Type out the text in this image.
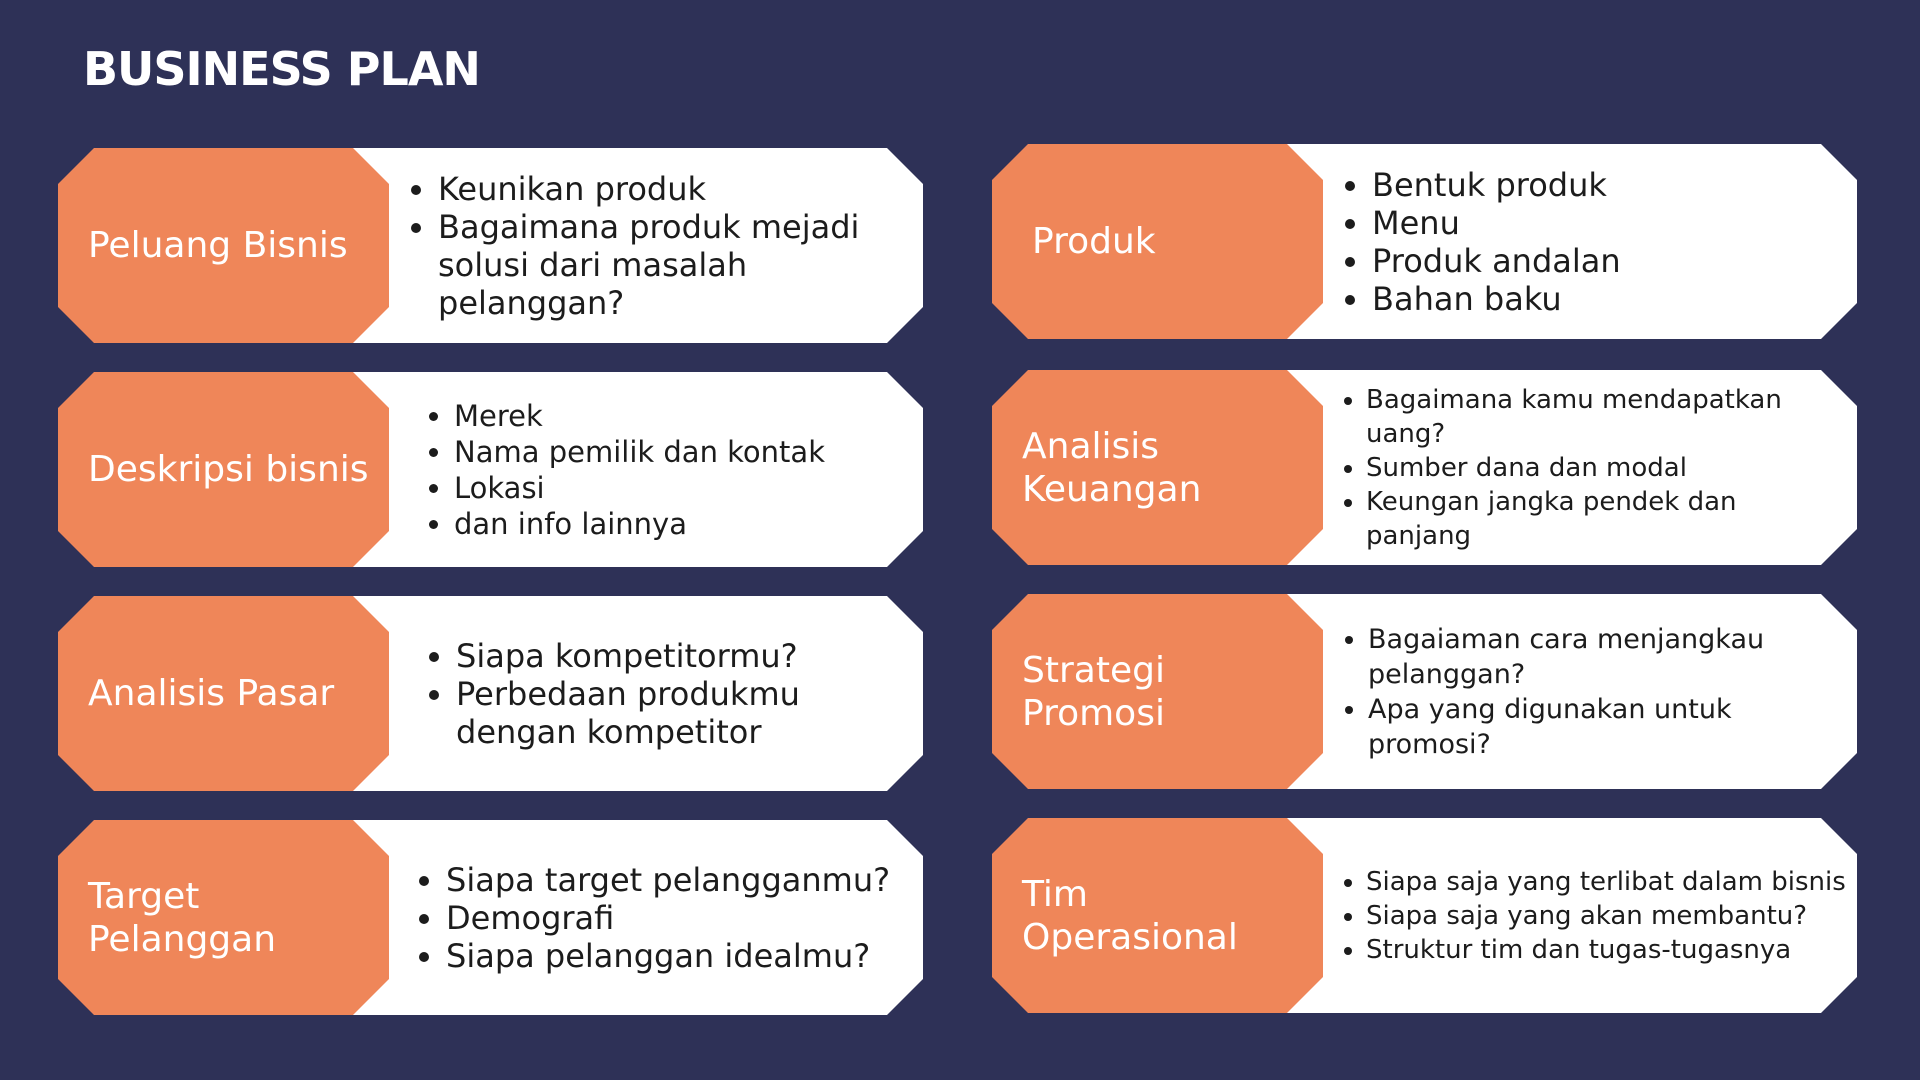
BUSINESS PLAN
Peluang Bisnis
• Keunikan produk
• Bagaimana produk mejadi solusi dari masalah pelanggan?
Deskripsi bisnis
• Merek
• Nama pemilik dan kontak
• Lokasi
• dan info lainnya
Analisis Pasar
• Siapa kompetitormu?
• Perbedaan produkmu dengan kompetitor
Target
Pelanggan
• Siapa target pelangganmu?
• Demografi
• Siapa pelanggan idealmu?
Produk
• Bentuk produk
• Menu
• Produk andalan
• Bahan baku
Analisis
Keuangan
• Bagaimana kamu mendapatkan uang?
• Sumber dana dan modal
• Keungan jangka pendek dan panjang
Strategi
Promosi
• Bagaiaman cara menjangkau pelanggan?
• Apa yang digunakan untuk promosi?
Tim
Operasional
• Siapa saja yang terlibat dalam bisnis
• Siapa saja yang akan membantu?
• Struktur tim dan tugas-tugasnya
